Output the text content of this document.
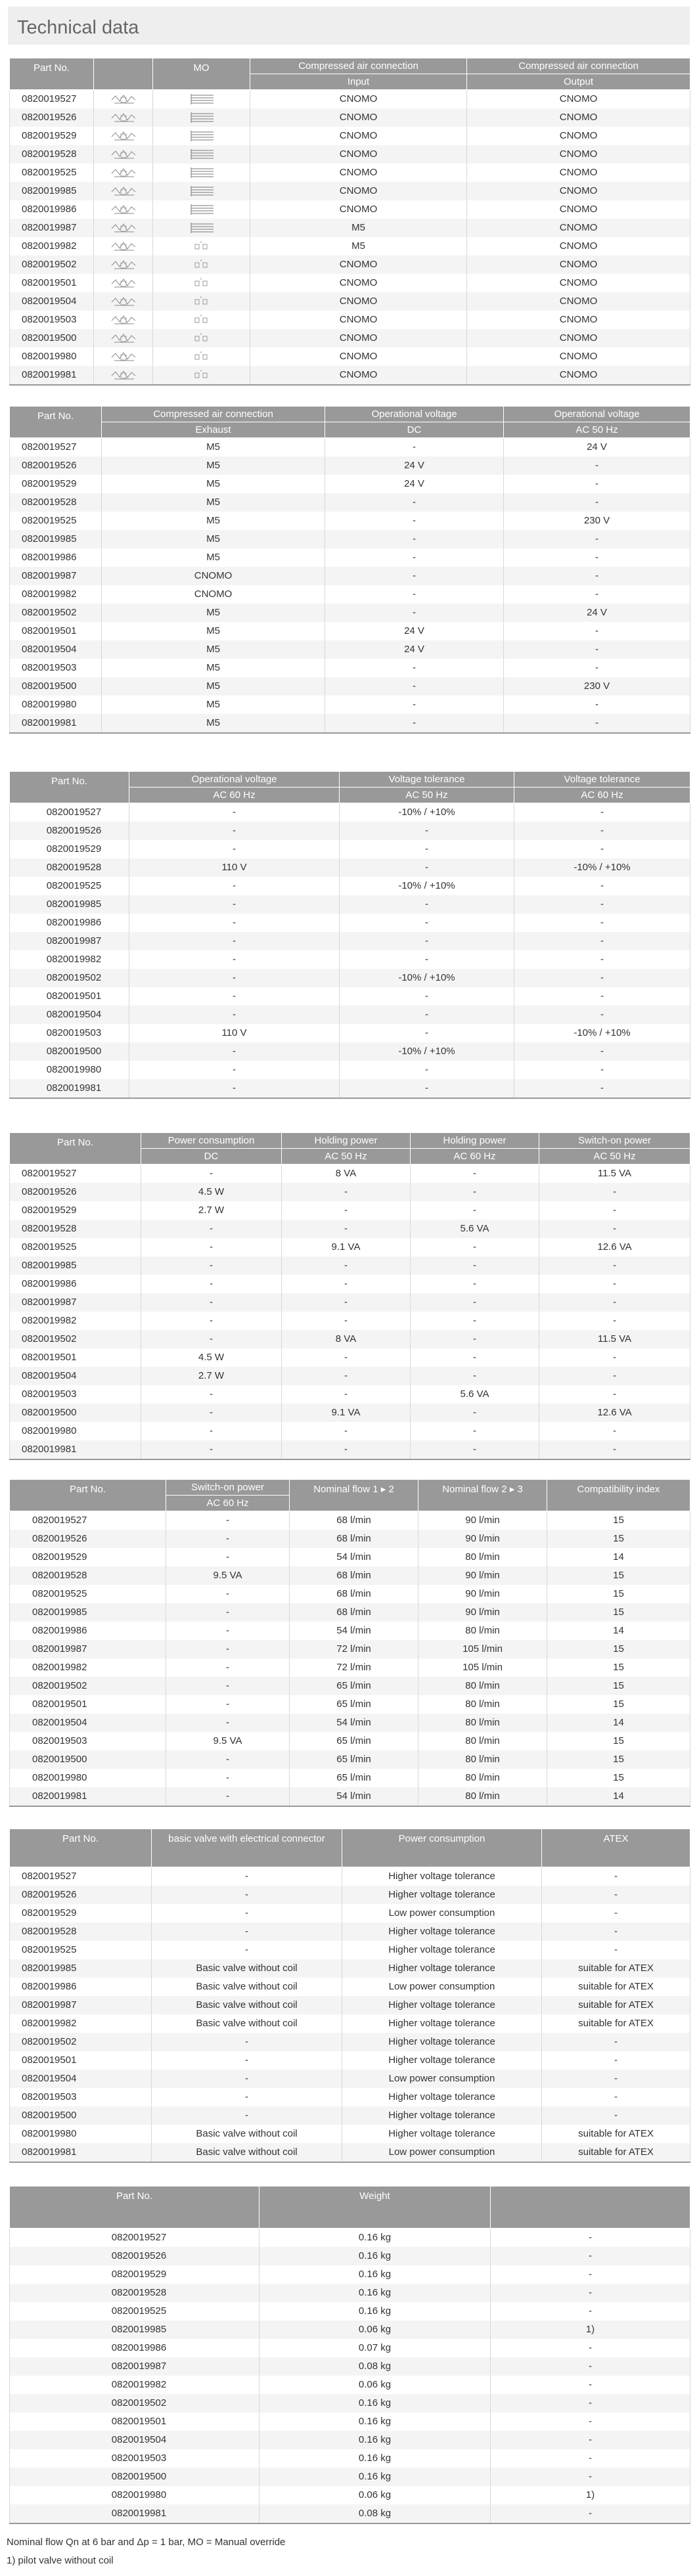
Technical data
Part No.		MO	Compressed air connection	Compressed air connection
			Input	Output
0820019527			CNOMO	CNOMO
0820019526			CNOMO	CNOMO
0820019529			CNOMO	CNOMO
0820019528			CNOMO	CNOMO
0820019525			CNOMO	CNOMO
0820019985			CNOMO	CNOMO
0820019986			CNOMO	CNOMO
0820019987			M5	CNOMO
0820019982			M5	CNOMO
0820019502			CNOMO	CNOMO
0820019501			CNOMO	CNOMO
0820019504			CNOMO	CNOMO
0820019503			CNOMO	CNOMO
0820019500			CNOMO	CNOMO
0820019980			CNOMO	CNOMO
0820019981			CNOMO	CNOMO
Part No.	Compressed air connection	Operational voltage	Operational voltage
	Exhaust	DC	AC 50 Hz
0820019527	M5	-	24 V
0820019526	M5	24 V	-
0820019529	M5	24 V	-
0820019528	M5	-	-
0820019525	M5	-	230 V
0820019985	M5	-	-
0820019986	M5	-	-
0820019987	CNOMO	-	-
0820019982	CNOMO	-	-
0820019502	M5	-	24 V
0820019501	M5	24 V	-
0820019504	M5	24 V	-
0820019503	M5	-	-
0820019500	M5	-	230 V
0820019980	M5	-	-
0820019981	M5	-	-
Part No.	Operational voltage	Voltage tolerance	Voltage tolerance
	AC 60 Hz	AC 50 Hz	AC 60 Hz
0820019527	-	-10% / +10%	-
0820019526	-	-	-
0820019529	-	-	-
0820019528	110 V	-	-10% / +10%
0820019525	-	-10% / +10%	-
0820019985	-	-	-
0820019986	-	-	-
0820019987	-	-	-
0820019982	-	-	-
0820019502	-	-10% / +10%	-
0820019501	-	-	-
0820019504	-	-	-
0820019503	110 V	-	-10% / +10%
0820019500	-	-10% / +10%	-
0820019980	-	-	-
0820019981	-	-	-
Part No.	Power consumption	Holding power	Holding power	Switch-on power
	DC	AC 50 Hz	AC 60 Hz	AC 50 Hz
0820019527	-	8 VA	-	11.5 VA
0820019526	4.5 W	-	-	-
0820019529	2.7 W	-	-	-
0820019528	-	-	5.6 VA	-
0820019525	-	9.1 VA	-	12.6 VA
0820019985	-	-	-	-
0820019986	-	-	-	-
0820019987	-	-	-	-
0820019982	-	-	-	-
0820019502	-	8 VA	-	11.5 VA
0820019501	4.5 W	-	-	-
0820019504	2.7 W	-	-	-
0820019503	-	-	5.6 VA	-
0820019500	-	9.1 VA	-	12.6 VA
0820019980	-	-	-	-
0820019981	-	-	-	-
Part No.	Switch-on power	Nominal flow 1 ▸ 2	Nominal flow 2 ▸ 3	Compatibility index
	AC 60 Hz			
0820019527	-	68 l/min	90 l/min	15
0820019526	-	68 l/min	90 l/min	15
0820019529	-	54 l/min	80 l/min	14
0820019528	9.5 VA	68 l/min	90 l/min	15
0820019525	-	68 l/min	90 l/min	15
0820019985	-	68 l/min	90 l/min	15
0820019986	-	54 l/min	80 l/min	14
0820019987	-	72 l/min	105 l/min	15
0820019982	-	72 l/min	105 l/min	15
0820019502	-	65 l/min	80 l/min	15
0820019501	-	65 l/min	80 l/min	15
0820019504	-	54 l/min	80 l/min	14
0820019503	9.5 VA	65 l/min	80 l/min	15
0820019500	-	65 l/min	80 l/min	15
0820019980	-	65 l/min	80 l/min	15
0820019981	-	54 l/min	80 l/min	14
Part No.	basic valve with electrical connector	Power consumption	ATEX
0820019527	-	Higher voltage tolerance	-
0820019526	-	Higher voltage tolerance	-
0820019529	-	Low power consumption	-
0820019528	-	Higher voltage tolerance	-
0820019525	-	Higher voltage tolerance	-
0820019985	Basic valve without coil	Higher voltage tolerance	suitable for ATEX
0820019986	Basic valve without coil	Low power consumption	suitable for ATEX
0820019987	Basic valve without coil	Higher voltage tolerance	suitable for ATEX
0820019982	Basic valve without coil	Higher voltage tolerance	suitable for ATEX
0820019502	-	Higher voltage tolerance	-
0820019501	-	Higher voltage tolerance	-
0820019504	-	Low power consumption	-
0820019503	-	Higher voltage tolerance	-
0820019500	-	Higher voltage tolerance	-
0820019980	Basic valve without coil	Higher voltage tolerance	suitable for ATEX
0820019981	Basic valve without coil	Low power consumption	suitable for ATEX
Part No.	Weight	
0820019527	0.16 kg	-
0820019526	0.16 kg	-
0820019529	0.16 kg	-
0820019528	0.16 kg	-
0820019525	0.16 kg	-
0820019985	0.06 kg	1)
0820019986	0.07 kg	-
0820019987	0.08 kg	-
0820019982	0.06 kg	-
0820019502	0.16 kg	-
0820019501	0.16 kg	-
0820019504	0.16 kg	-
0820019503	0.16 kg	-
0820019500	0.16 kg	-
0820019980	0.06 kg	1)
0820019981	0.08 kg	-
Nominal flow Qn at 6 bar and Δp = 1 bar, MO = Manual override
1) pilot valve without coil
